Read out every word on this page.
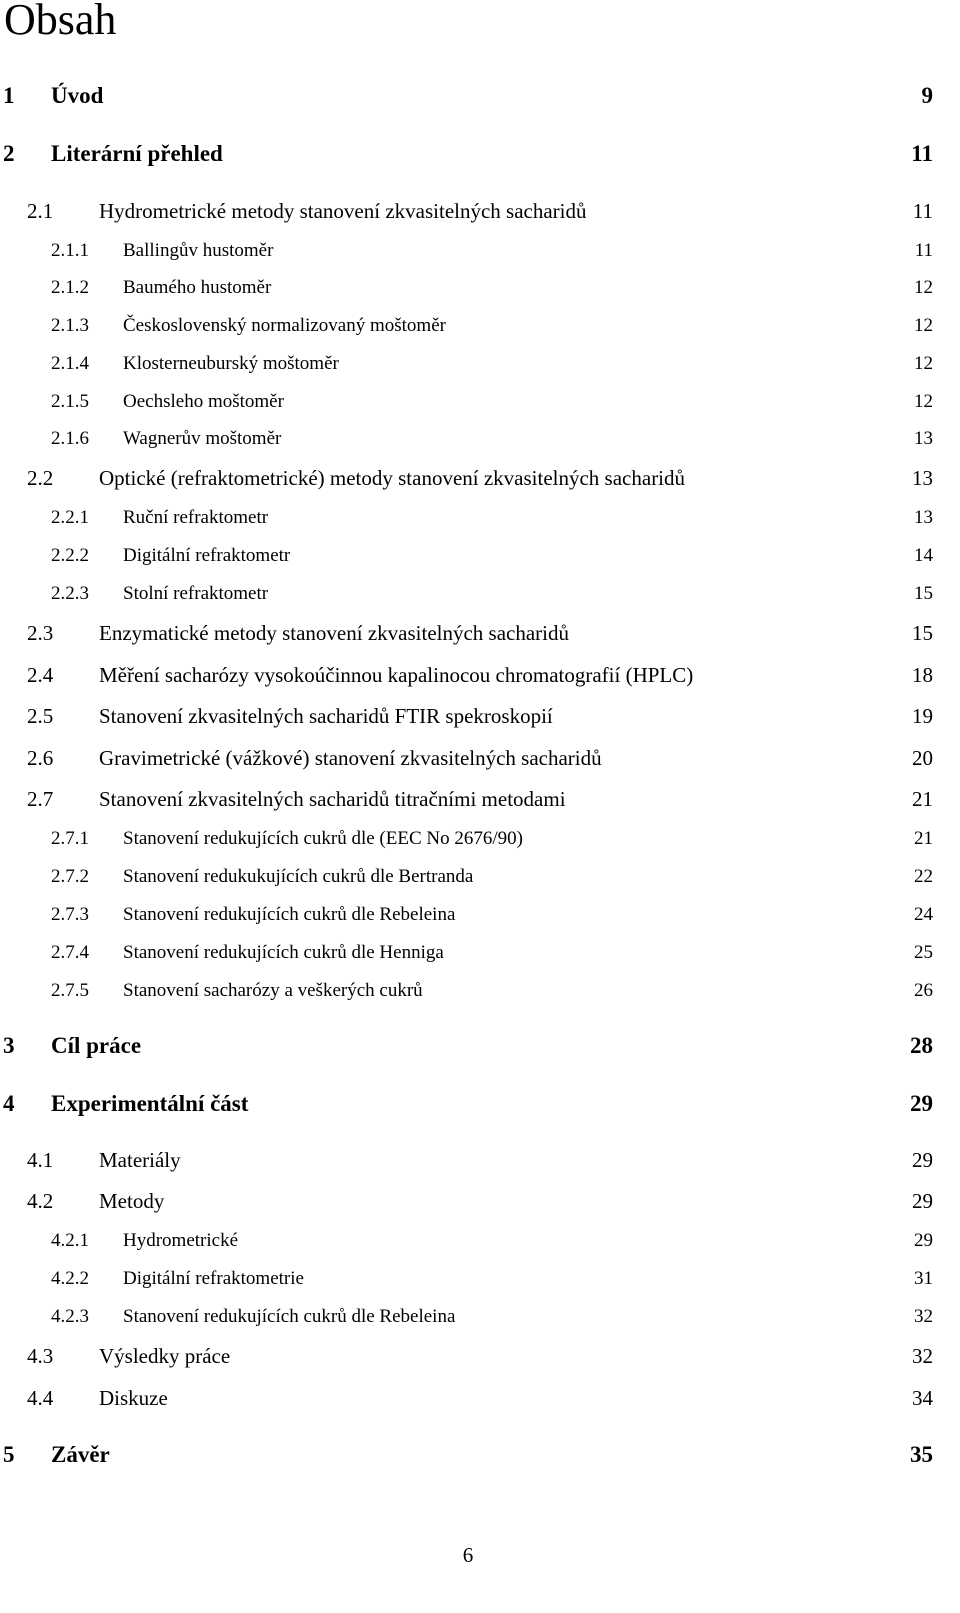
Obsah
1 Úvod	9
2 Literární přehled	11
2.1 Hydrometrické metody stanovení zkvasitelných sacharidů	11
2.1.1 Ballingův hustoměr	11
2.1.2 Baumého hustoměr	12
2.1.3 Československý normalizovaný moštoměr	12
2.1.4 Klosterneuburský moštoměr	12
2.1.5 Oechsleho moštoměr	12
2.1.6 Wagnerův moštoměr	13
2.2 Optické (refraktometrické) metody stanovení zkvasitelných sacharidů	13
2.2.1 Ruční refraktometr	13
2.2.2 Digitální refraktometr	14
2.2.3 Stolní refraktometr	15
2.3 Enzymatické metody stanovení zkvasitelných sacharidů	15
2.4 Měření sacharózy vysokoúčinnou kapalinocou chromatografií (HPLC)	18
2.5 Stanovení zkvasitelných sacharidů FTIR spekroskopií	19
2.6 Gravimetrické (vážkové) stanovení zkvasitelných sacharidů	20
2.7 Stanovení zkvasitelných sacharidů titračními metodami	21
2.7.1 Stanovení redukujících cukrů dle (EEC No 2676/90)	21
2.7.2 Stanovení redukukujících cukrů dle Bertranda	22
2.7.3 Stanovení redukujících cukrů dle Rebeleina	24
2.7.4 Stanovení redukujících cukrů dle Henniga	25
2.7.5 Stanovení sacharózy a veškerých cukrů	26
3 Cíl práce	28
4 Experimentální část	29
4.1 Materiály	29
4.2 Metody	29
4.2.1 Hydrometrické	29
4.2.2 Digitální refraktometrie	31
4.2.3 Stanovení redukujících cukrů dle Rebeleina	32
4.3 Výsledky práce	32
4.4 Diskuze	34
5 Závěr	35
6
